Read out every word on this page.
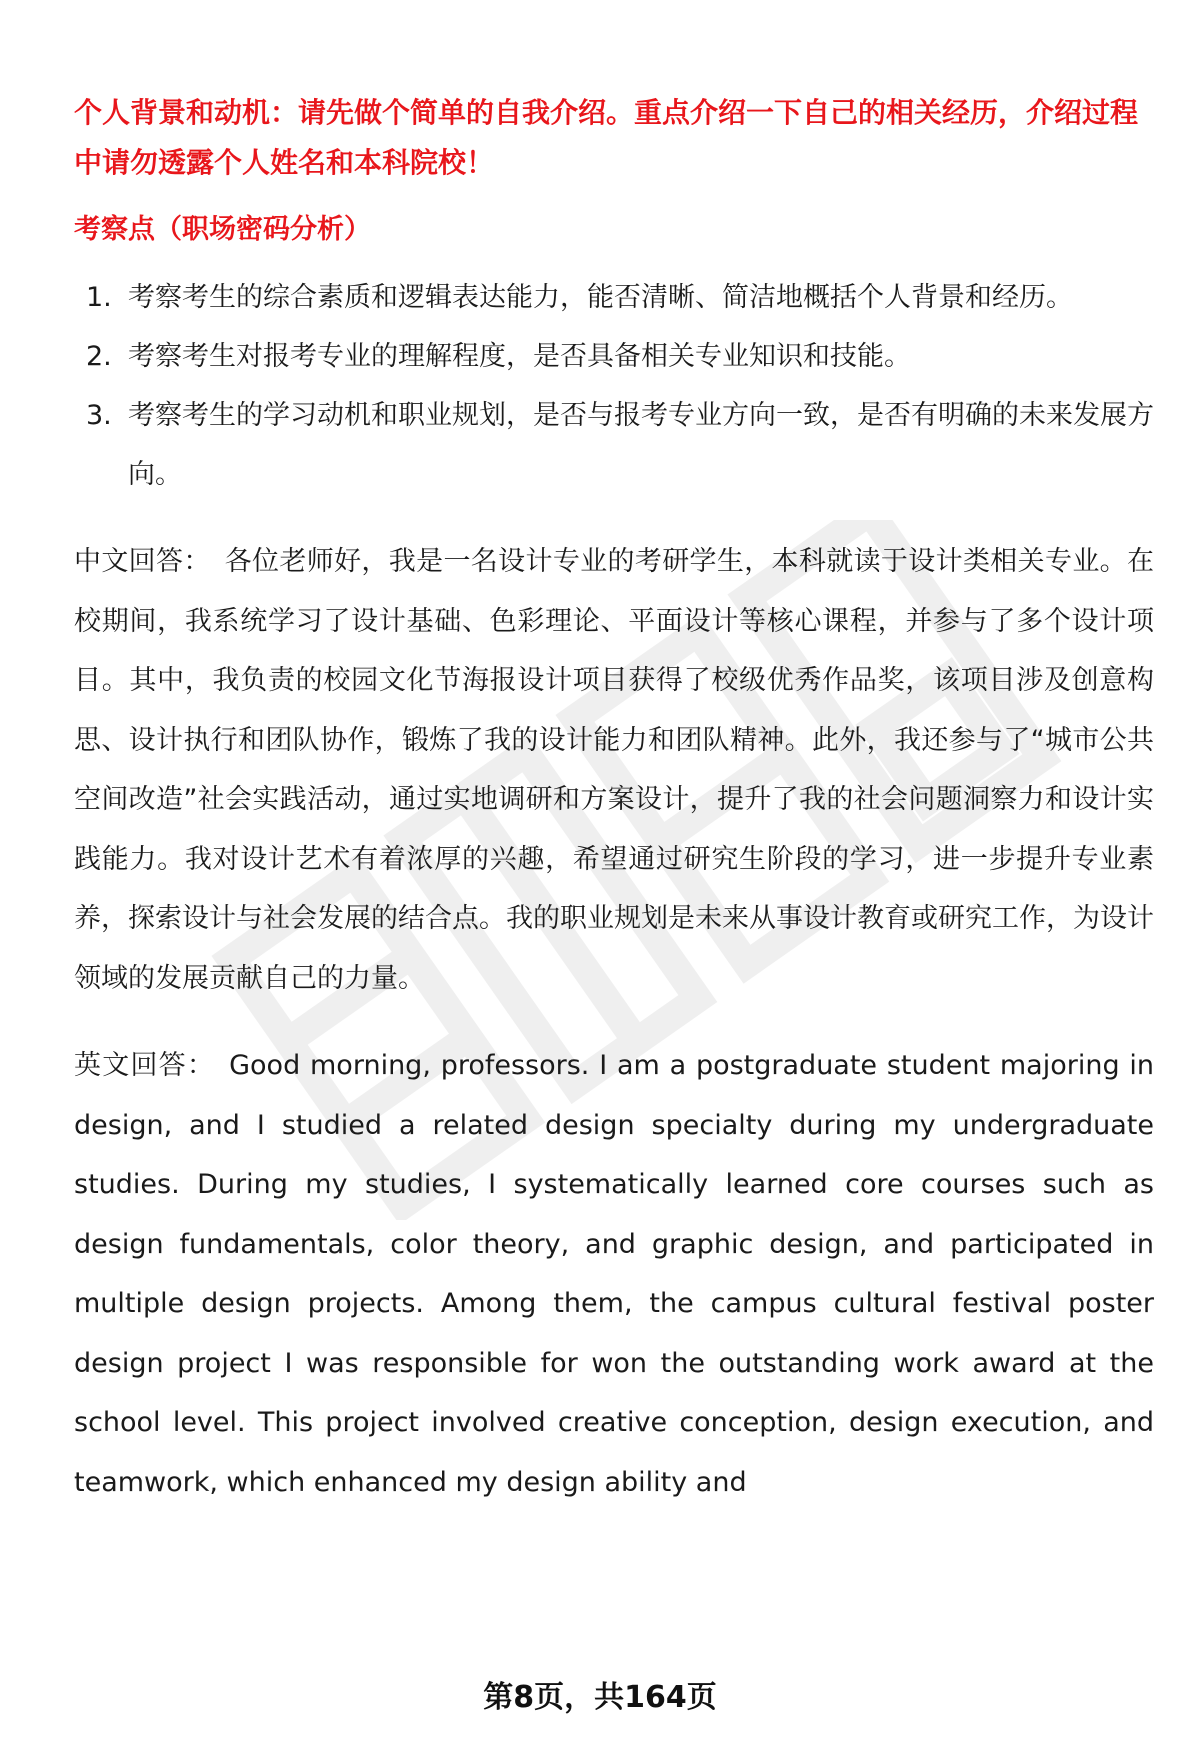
个人背景和动机：请先做个简单的自我介绍。重点介绍一下自己的相关经历，介绍过程中请勿透露个人姓名和本科院校！

考察点（职场密码分析）
1. 考察考生的综合素质和逻辑表达能力，能否清晰、简洁地概括个人背景和经历。
2. 考察考生对报考专业的理解程度，是否具备相关专业知识和技能。
3. 考察考生的学习动机和职业规划，是否与报考专业方向一致，是否有明确的未来发展方向。

中文回答： 各位老师好，我是一名设计专业的考研学生，本科就读于设计类相关专业。在校期间，我系统学习了设计基础、色彩理论、平面设计等核心课程，并参与了多个设计项目。其中，我负责的校园文化节海报设计项目获得了校级优秀作品奖，该项目涉及创意构思、设计执行和团队协作，锻炼了我的设计能力和团队精神。此外，我还参与了“城市公共空间改造”社会实践活动，通过实地调研和方案设计，提升了我的社会问题洞察力和设计实践能力。我对设计艺术有着浓厚的兴趣，希望通过研究生阶段的学习，进一步提升专业素养，探索设计与社会发展的结合点。我的职业规划是未来从事设计教育或研究工作，为设计领域的发展贡献自己的力量。

英文回答： Good morning, professors. I am a postgraduate student majoring in design, and I studied a related design specialty during my undergraduate studies. During my studies, I systematically learned core courses such as design fundamentals, color theory, and graphic design, and participated in multiple design projects. Among them, the campus cultural festival poster design project I was responsible for won the outstanding work award at the school level. This project involved creative conception, design execution, and teamwork, which enhanced my design ability and

第8页，共164页
